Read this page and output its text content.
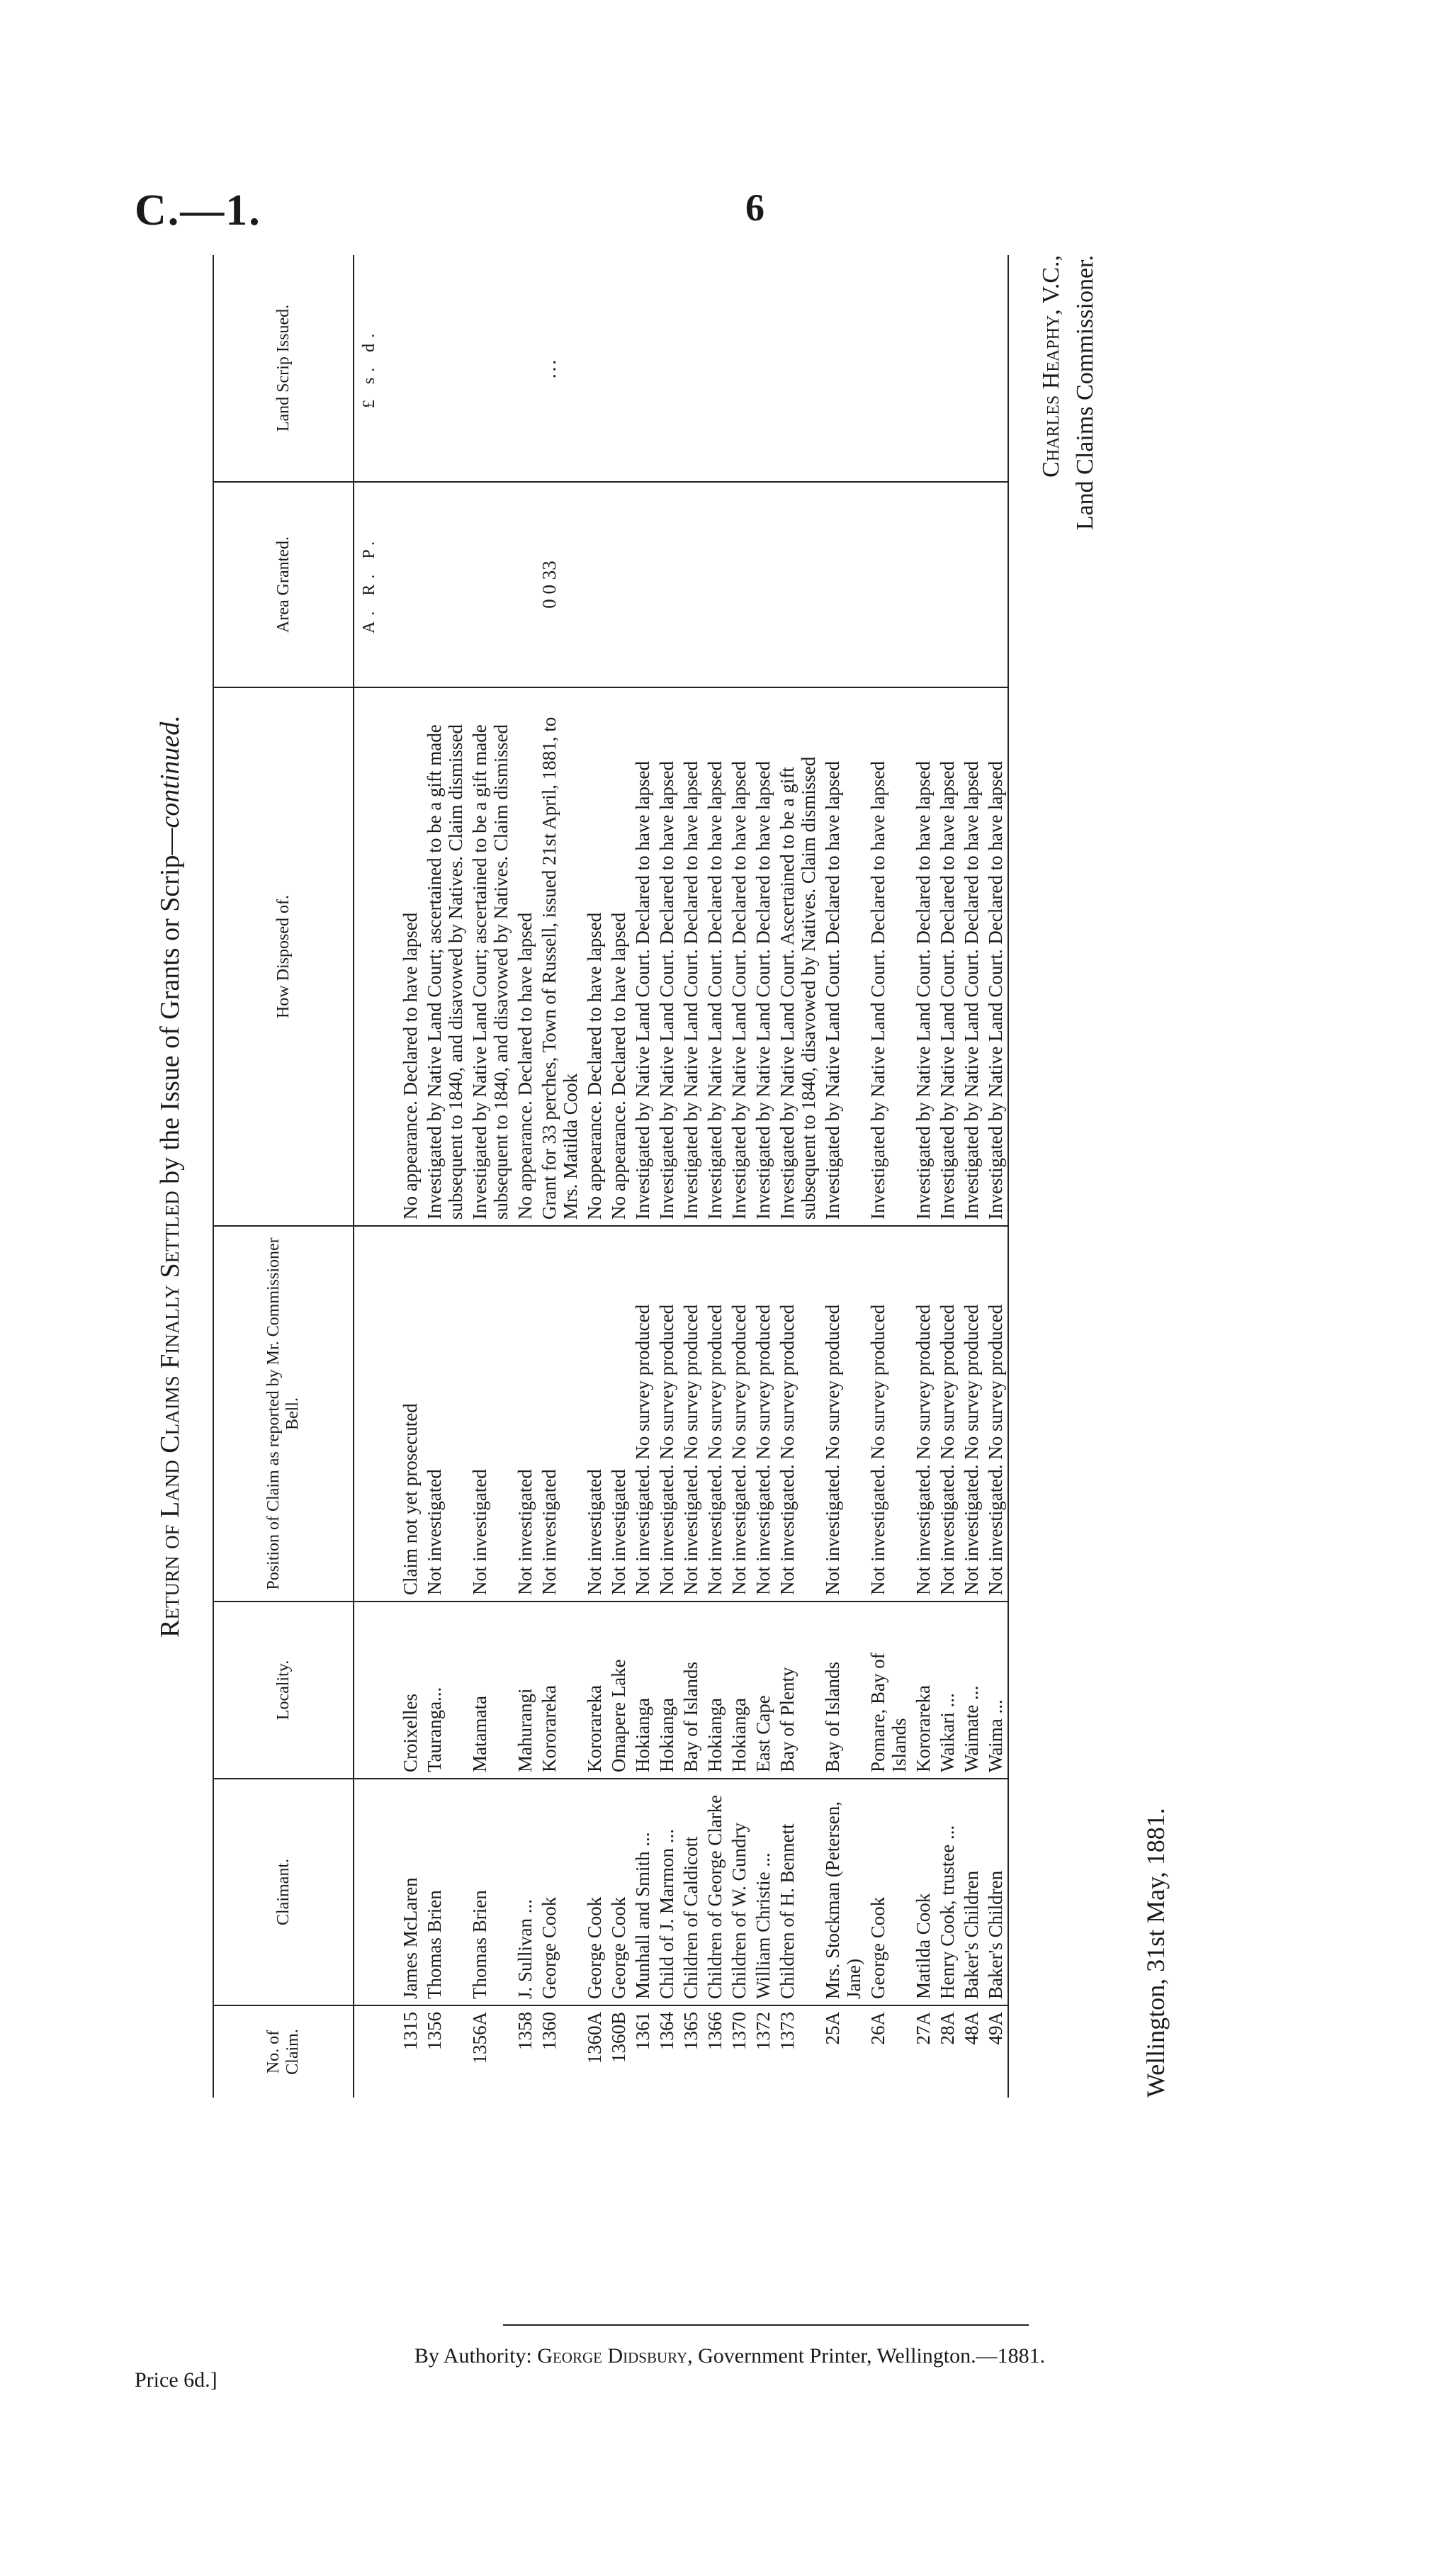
C.—1.	6
Return of Land Claims Finally Settled by the Issue of Grants or Scrip—continued.
No. of Claim.	Claimant.	Locality.	Position of Claim as reported by Mr. Commissioner Bell.	How Disposed of.	Area Granted.	Land Scrip Issued.
					A. R. P.	£ s. d.
1315	James McLaren	Croixelles	Claim not yet prosecuted	No appearance. Declared to have lapsed		
1356	Thomas Brien	Tauranga...	Not investigated	Investigated by Native Land Court; ascertained to be a gift made subsequent to 1840, and disavowed by Natives. Claim dismissed		
1356A	Thomas Brien	Matamata	Not investigated	Investigated by Native Land Court; ascertained to be a gift made subsequent to 1840, and disavowed by Natives. Claim dismissed		
1358	J. Sullivan ...	Mahurangi	Not investigated	No appearance. Declared to have lapsed		
1360	George Cook	Kororareka	Not investigated	Grant for 33 perches, Town of Russell, issued 21st April, 1881, to Mrs. Matilda Cook	0 0 33	...
1360A	George Cook	Kororareka	Not investigated	No appearance. Declared to have lapsed		
1360B	George Cook	Omapere Lake	Not investigated	No appearance. Declared to have lapsed		
1361	Munhall and Smith ...	Hokianga	Not investigated. No survey produced	Investigated by Native Land Court. Declared to have lapsed		
1364	Child of J. Marmon ...	Hokianga	Not investigated. No survey produced	Investigated by Native Land Court. Declared to have lapsed		
1365	Children of Caldicott	Bay of Islands	Not investigated. No survey produced	Investigated by Native Land Court. Declared to have lapsed		
1366	Children of George Clarke	Hokianga	Not investigated. No survey produced	Investigated by Native Land Court. Declared to have lapsed		
1370	Children of W. Gundry	Hokianga	Not investigated. No survey produced	Investigated by Native Land Court. Declared to have lapsed		
1372	William Christie ...	East Cape	Not investigated. No survey produced	Investigated by Native Land Court. Declared to have lapsed		
1373	Children of H. Bennett	Bay of Plenty	Not investigated. No survey produced	Investigated by Native Land Court. Ascertained to be a gift subsequent to 1840, disavowed by Natives. Claim dismissed		
25A	Mrs. Stockman (Petersen, Jane)	Bay of Islands	Not investigated. No survey produced	Investigated by Native Land Court. Declared to have lapsed		
26A	George Cook	Pomare, Bay of Islands	Not investigated. No survey produced	Investigated by Native Land Court. Declared to have lapsed		
27A	Matilda Cook	Kororareka	Not investigated. No survey produced	Investigated by Native Land Court. Declared to have lapsed		
28A	Henry Cook, trustee ...	Waikari ...	Not investigated. No survey produced	Investigated by Native Land Court. Declared to have lapsed		
48A	Baker's Children	Waimate ...	Not investigated. No survey produced	Investigated by Native Land Court. Declared to have lapsed		
49A	Baker's Children	Waima ...	Not investigated. No survey produced	Investigated by Native Land Court. Declared to have lapsed		
Wellington, 31st May, 1881.
Charles Heaphy, V.C., Land Claims Commissioner.
By Authority: George Didsbury, Government Printer, Wellington.—1881.
Price 6d.]
